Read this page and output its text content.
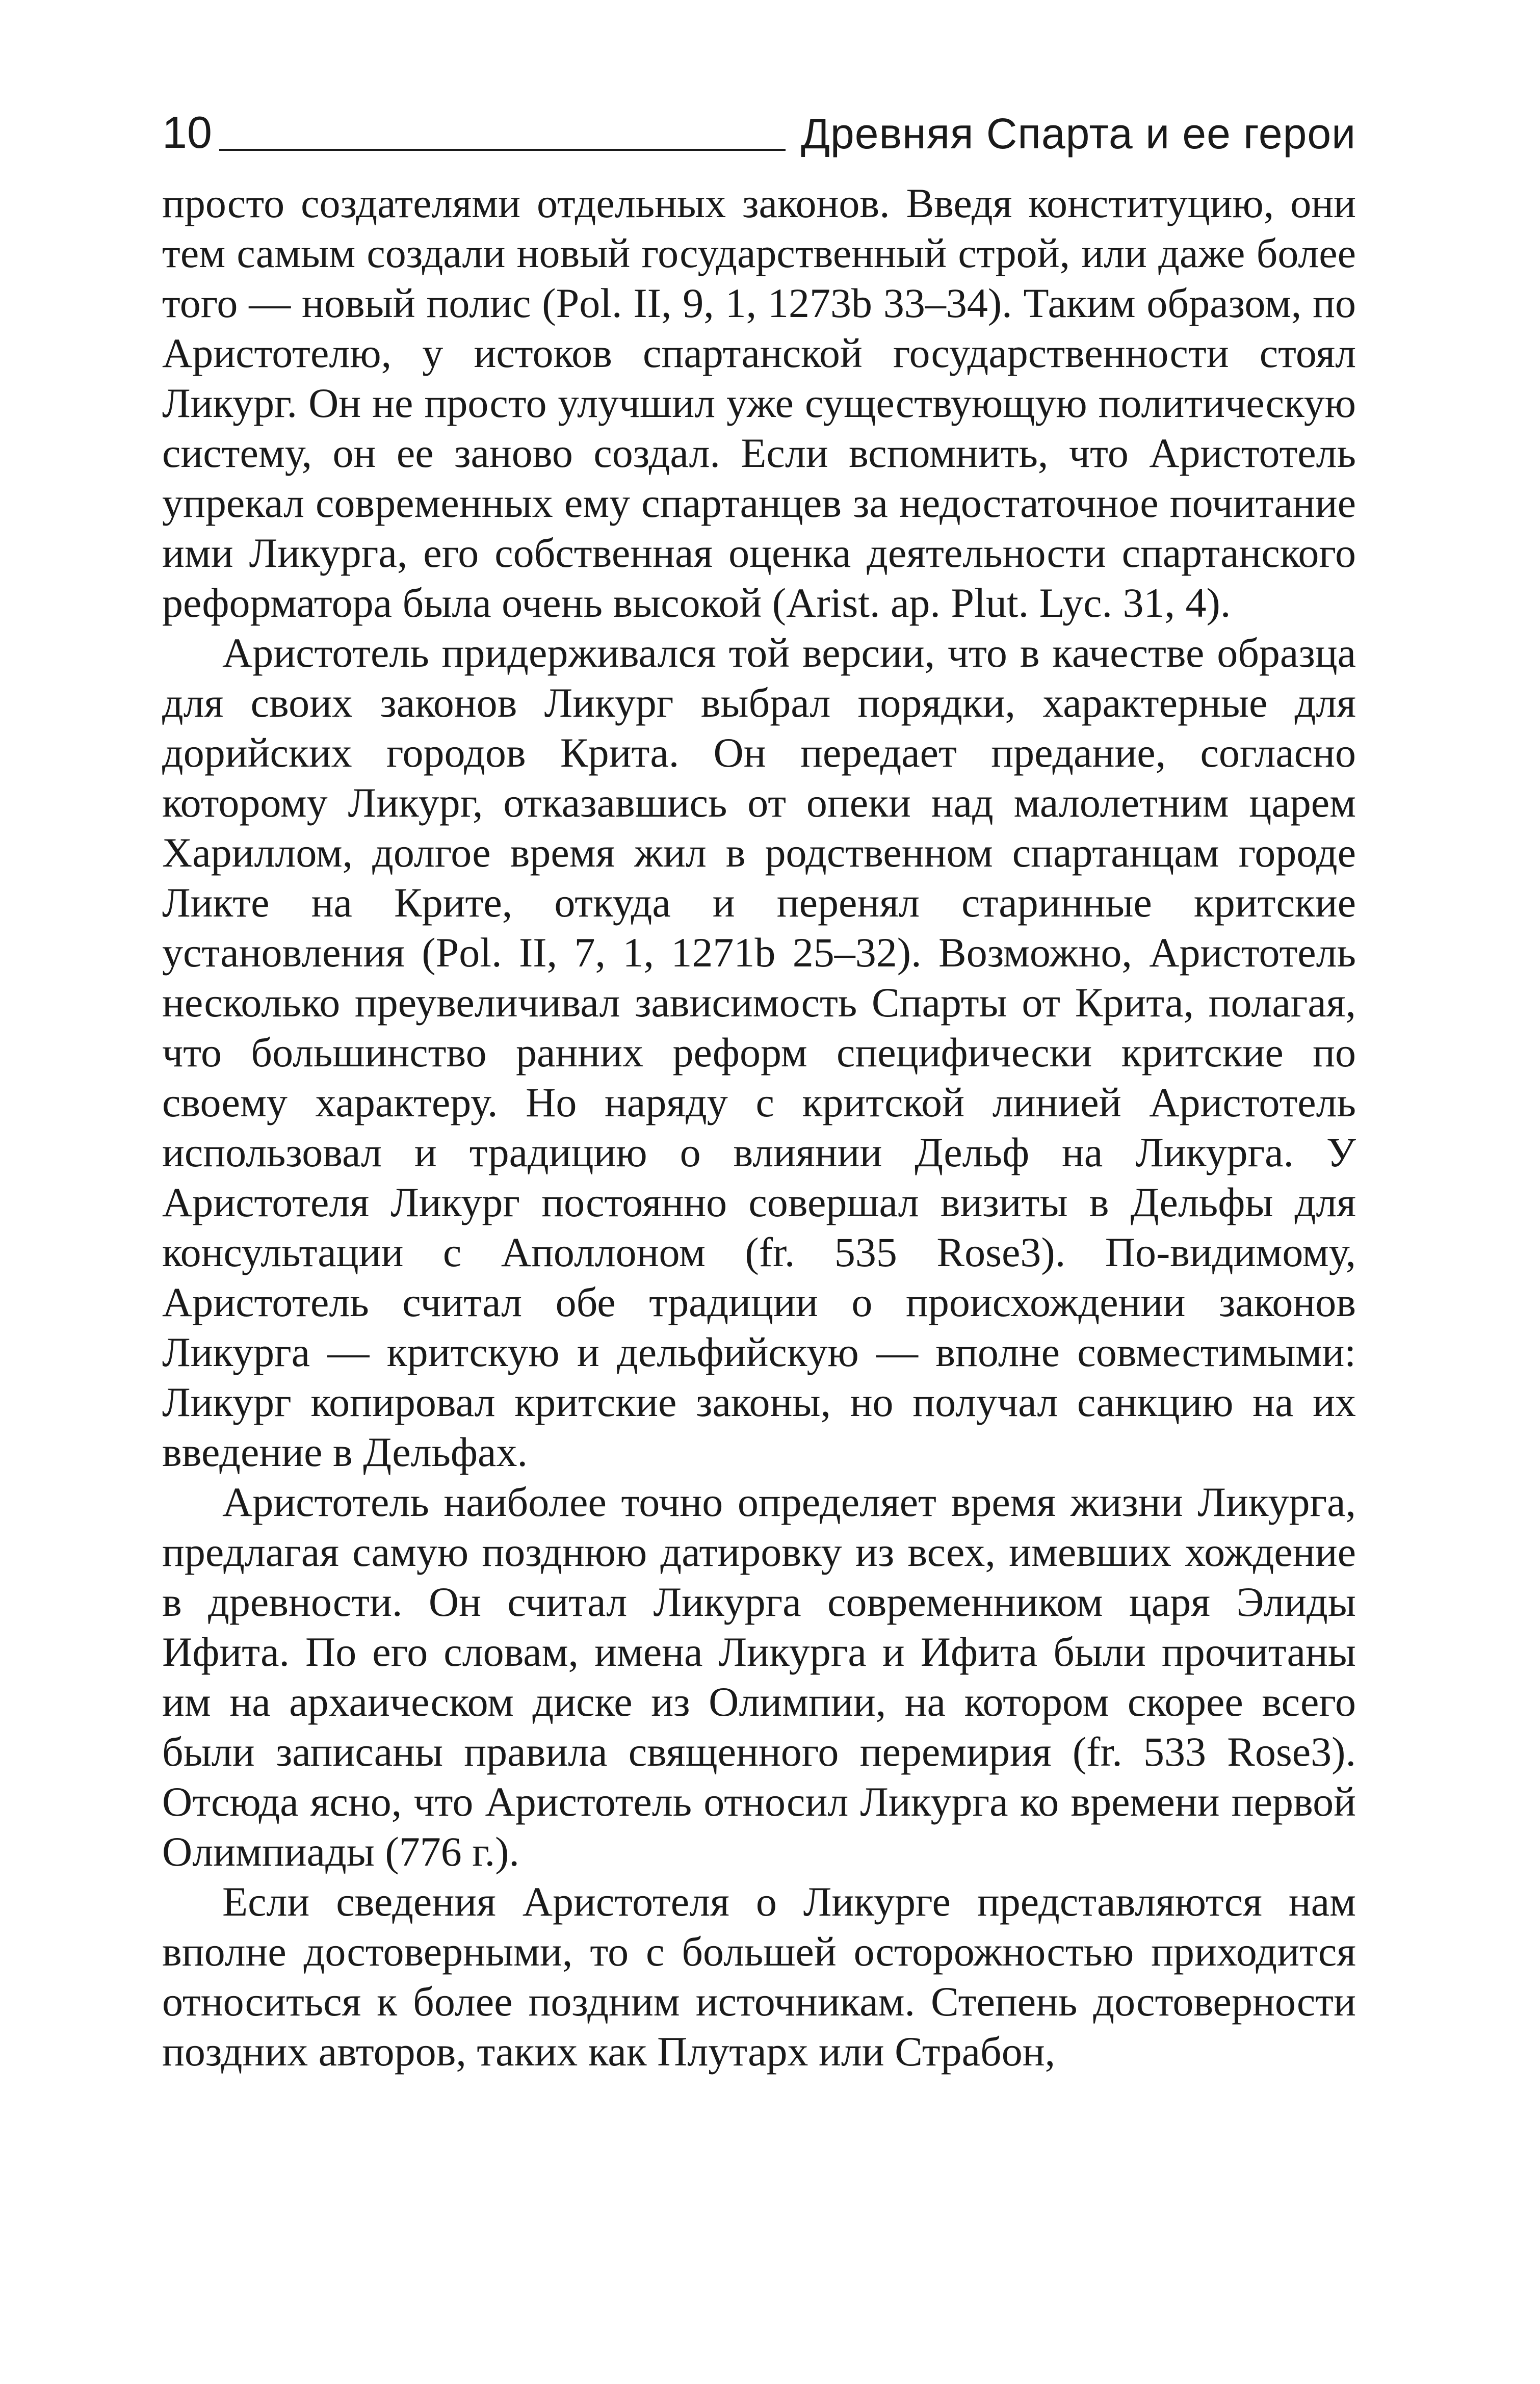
10	Древняя Спарта и ее герои

просто создателями отдельных законов. Введя конституцию, они тем самым создали новый государственный строй, или даже более того — новый полис (Pol. II, 9, 1, 1273b 33–34). Таким образом, по Аристотелю, у истоков спартанской государственности стоял Ликург. Он не просто улучшил уже существующую политическую систему, он ее заново создал. Если вспомнить, что Аристотель упрекал современных ему спартанцев за недостаточное почитание ими Ликурга, его собственная оценка деятельности спартанского реформатора была очень высокой (Arist. ap. Plut. Lyc. 31, 4).

Аристотель придерживался той версии, что в качестве образца для своих законов Ликург выбрал порядки, характерные для дорийских городов Крита. Он передает предание, согласно которому Ликург, отказавшись от опеки над малолетним царем Хариллом, долгое время жил в родственном спартанцам городе Ликте на Крите, откуда и перенял старинные критские установления (Pol. II, 7, 1, 1271b 25–32). Возможно, Аристотель несколько преувеличивал зависимость Спарты от Крита, полагая, что большинство ранних реформ специфически критские по своему характеру. Но наряду с критской линией Аристотель использовал и традицию о влиянии Дельф на Ликурга. У Аристотеля Ликург постоянно совершал визиты в Дельфы для консультации с Аполлоном (fr. 535 Rose3). По-видимому, Аристотель считал обе традиции о происхождении законов Ликурга — критскую и дельфийскую — вполне совместимыми: Ликург копировал критские законы, но получал санкцию на их введение в Дельфах.

Аристотель наиболее точно определяет время жизни Ликурга, предлагая самую позднюю датировку из всех, имевших хождение в древности. Он считал Ликурга современником царя Элиды Ифита. По его словам, имена Ликурга и Ифита были прочитаны им на архаическом диске из Олимпии, на котором скорее всего были записаны правила священного перемирия (fr. 533 Rose3). Отсюда ясно, что Аристотель относил Ликурга ко времени первой Олимпиады (776 г.).

Если сведения Аристотеля о Ликурге представляются нам вполне достоверными, то с большей осторожностью приходится относиться к более поздним источникам. Степень достоверности поздних авторов, таких как Плутарх или Страбон,
